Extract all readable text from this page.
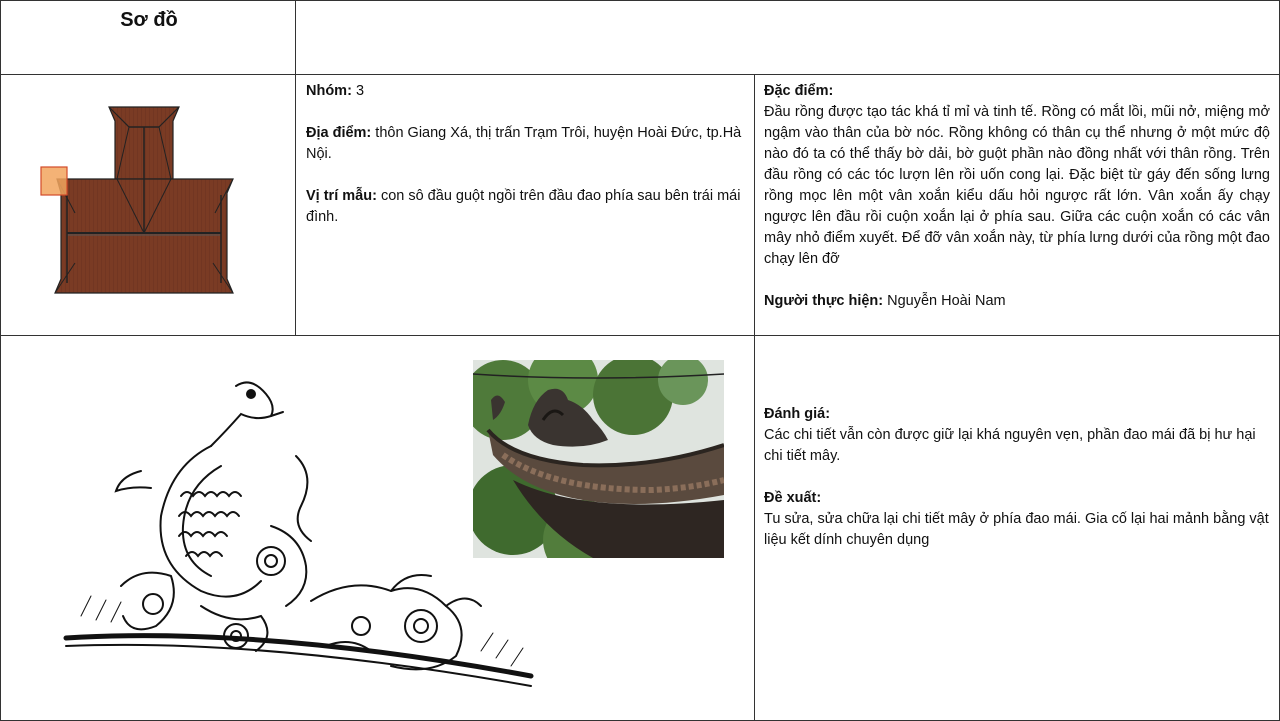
Sơ đồ

Nhóm: 3

Địa điểm: thôn Giang Xá, thị trấn Trạm Trôi, huyện Hoài Đức, tp.Hà Nội.

Vị trí mẫu: con sô đầu guột ngồi trên đầu đao phía sau bên trái mái đình.

Đặc điểm:

Đầu rồng được tạo tác khá tỉ mỉ và tinh tế. Rồng có mắt lồi, mũi nở, miệng mở ngậm vào thân của bờ nóc. Rồng không có thân cụ thể nhưng ở một mức độ nào đó ta có thể thấy bờ dải, bờ guột phần nào đồng nhất với thân rồng. Trên đầu rồng có các tóc lượn lên rồi uốn cong lại. Đặc biệt từ gáy đến sống lưng rồng mọc lên một vân xoắn kiểu dấu hỏi ngược rất lớn. Vân xoắn ấy chạy ngược lên đầu rồi cuộn xoắn lại ở phía sau. Giữa các cuộn xoắn có các vân mây nhỏ điểm xuyết. Để đỡ vân xoắn này, từ phía lưng dưới của rồng một đao chạy lên đỡ

Người thực hiện: Nguyễn Hoài Nam

Đánh giá:

Các chi tiết vẫn còn được giữ lại khá nguyên vẹn, phần đao mái đã bị hư hại chi tiết mây.

Đề xuất:

Tu sửa, sửa chữa lại chi tiết mây ở phía đao mái. Gia cố lại hai mảnh bằng vật liệu kết dính chuyên dụng
